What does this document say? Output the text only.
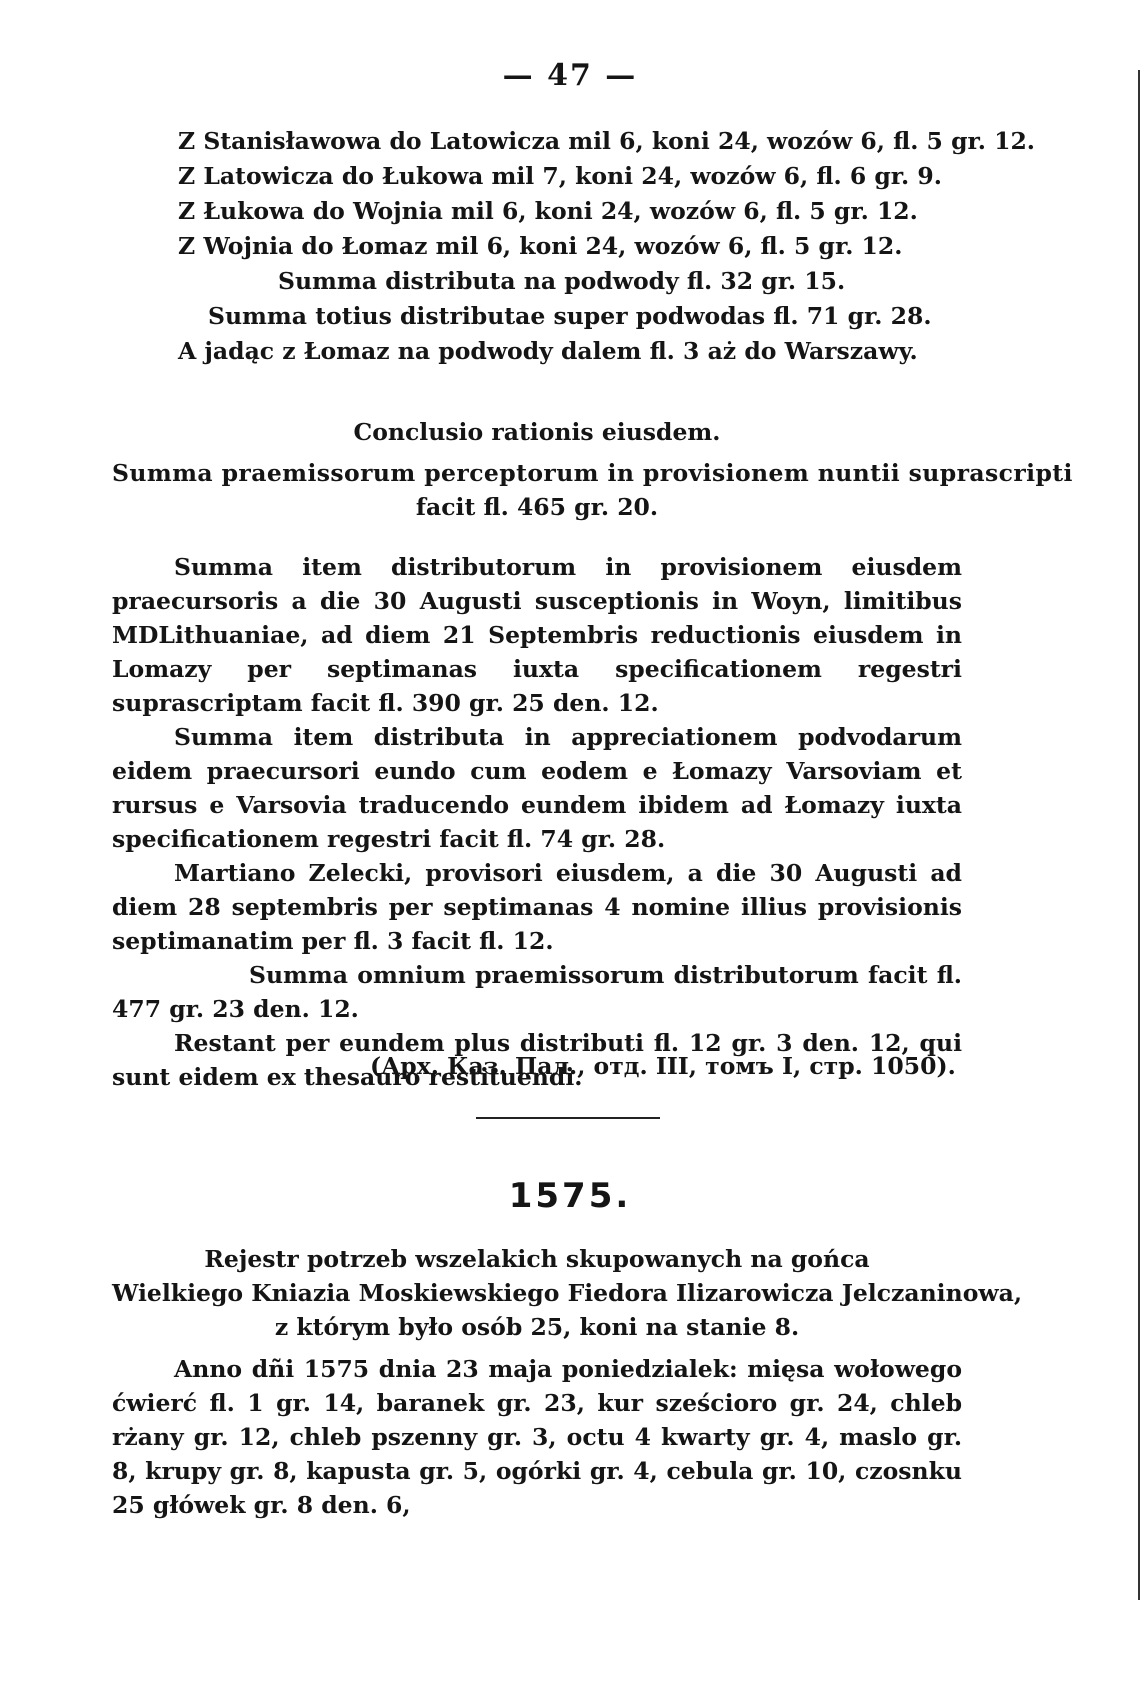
— 47 —
Z Stanisławowa do Latowicza mil 6, koni 24, wozów 6, fl. 5 gr. 12.
Z Latowicza do Łukowa mil 7, koni 24, wozów 6, fl. 6 gr. 9.
Z Łukowa do Wojnia mil 6, koni 24, wozów 6, fl. 5 gr. 12.
Z Wojnia do Łomaz mil 6, koni 24, wozów 6, fl. 5 gr. 12.
Summa distributa na podwody fl. 32 gr. 15.
Summa totius distributae super podwodas fl. 71 gr. 28.
A jadąc z Łomaz na podwody dalem fl. 3 aż do Warszawy.
Conclusio rationis eiusdem.
Summa praemissorum perceptorum in provisionem nuntii suprascripti
facit fl. 465 gr. 20.

Summa item distributorum in provisionem eiusdem praecursoris a die 30 Augusti susceptionis in Woyn, limitibus MDLithuaniae, ad diem 21 Septembris reductionis eiusdem in Lomazy per septimanas iuxta specificationem regestri suprascriptam facit fl. 390 gr. 25 den. 12.

Summa item distributa in appreciationem podvodarum eidem praecursori eundo cum eodem e Łomazy Varsoviam et rursus e Varsovia traducendo eundem ibidem ad Łomazy iuxta specificationem regestri facit fl. 74 gr. 28.

Martiano Zelecki, provisori eiusdem, a die 30 Augusti ad diem 28 septembris per septimanas 4 nomine illius provisionis septimanatim per fl. 3 facit fl. 12.

Summa omnium praemissorum distributorum facit fl. 477 gr. 23 den. 12.

Restant per eundem plus distributi fl. 12 gr. 3 den. 12, qui sunt eidem ex thesauro restituendi.

(Арх. Каз. Пал., отд. III, томъ I, стр. 1050).
1575.
Rejestr potrzeb wszelakich skupowanych na gońca
Wielkiego Kniazia Moskiewskiego Fiedora Ilizarowicza Jelczaninowa,
z którym było osób 25, koni na stanie 8.

Anno dñi 1575 dnia 23 maja poniedzialek: mięsa wołowego ćwierć fl. 1 gr. 14, baranek gr. 23, kur sześcioro gr. 24, chleb rżany gr. 12, chleb pszenny gr. 3, octu 4 kwarty gr. 4, maslo gr. 8, krupy gr. 8, kapusta gr. 5, ogórki gr. 4, cebula gr. 10, czosnku 25 główek gr. 8 den. 6,
